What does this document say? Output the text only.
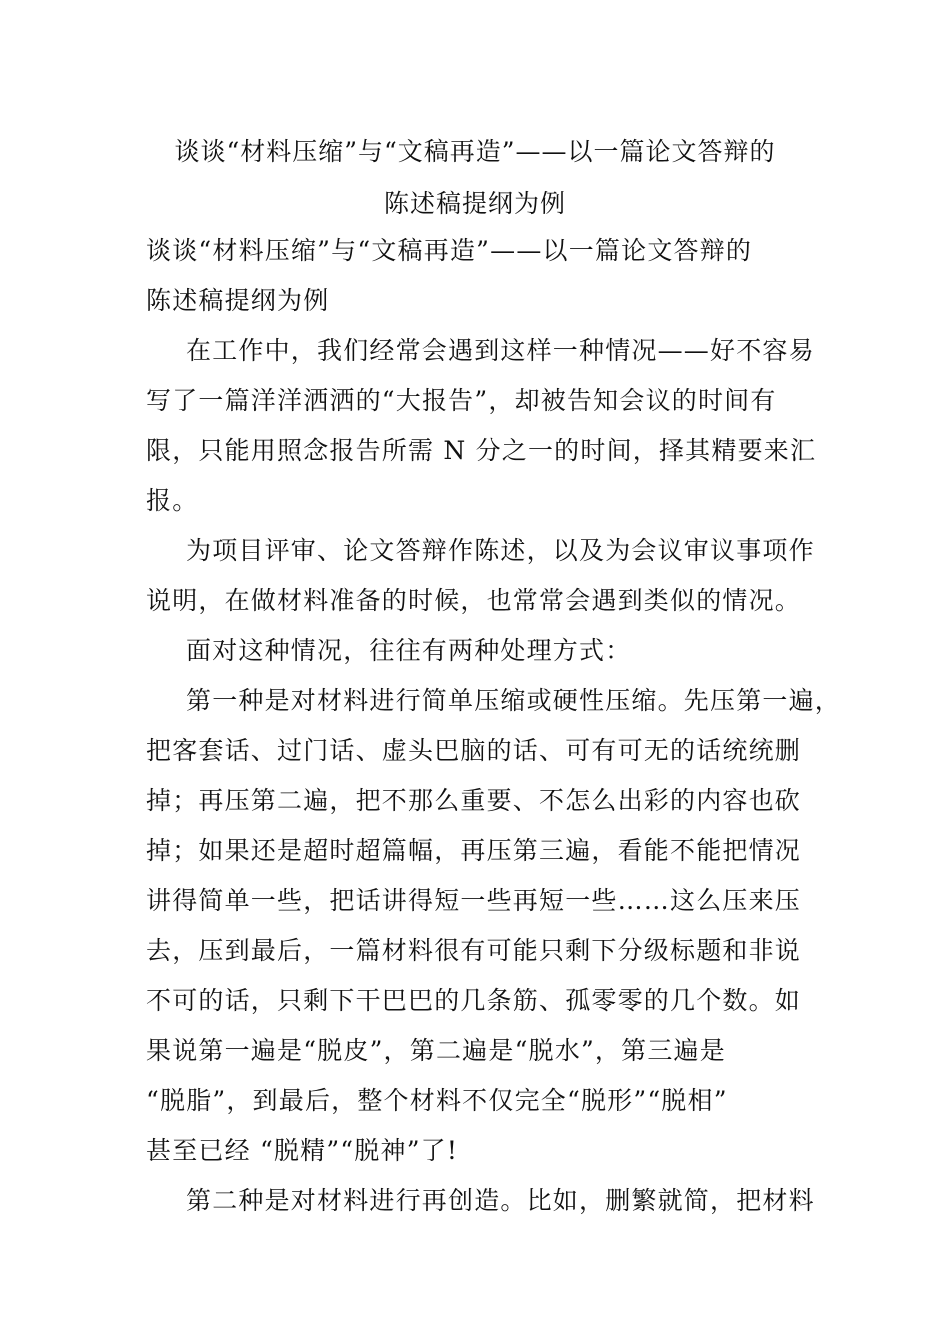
谈谈“材料压缩”与“文稿再造”——以一篇论文答辩的
陈述稿提纲为例
谈谈“材料压缩”与“文稿再造”——以一篇论文答辩的
陈述稿提纲为例
在工作中，我们经常会遇到这样一种情况——好不容易
写了一篇洋洋洒洒的“大报告”，却被告知会议的时间有
限，只能用照念报告所需 N 分之一的时间，择其精要来汇
报。
为项目评审、论文答辩作陈述，以及为会议审议事项作
说明，在做材料准备的时候，也常常会遇到类似的情况。
面对这种情况，往往有两种处理方式：
第一种是对材料进行简单压缩或硬性压缩。先压第一遍，
把客套话、过门话、虚头巴脑的话、可有可无的话统统删
掉；再压第二遍，把不那么重要、不怎么出彩的内容也砍
掉；如果还是超时超篇幅，再压第三遍，看能不能把情况
讲得简单一些，把话讲得短一些再短一些……这么压来压
去，压到最后，一篇材料很有可能只剩下分级标题和非说
不可的话，只剩下干巴巴的几条筋、孤零零的几个数。如
果说第一遍是“脱皮”，第二遍是“脱水”，第三遍是
“脱脂”，到最后，整个材料不仅完全“脱形”“脱相”
甚至已经 “脱精”“脱神”了!
第二种是对材料进行再创造。比如，删繁就简，把材料
